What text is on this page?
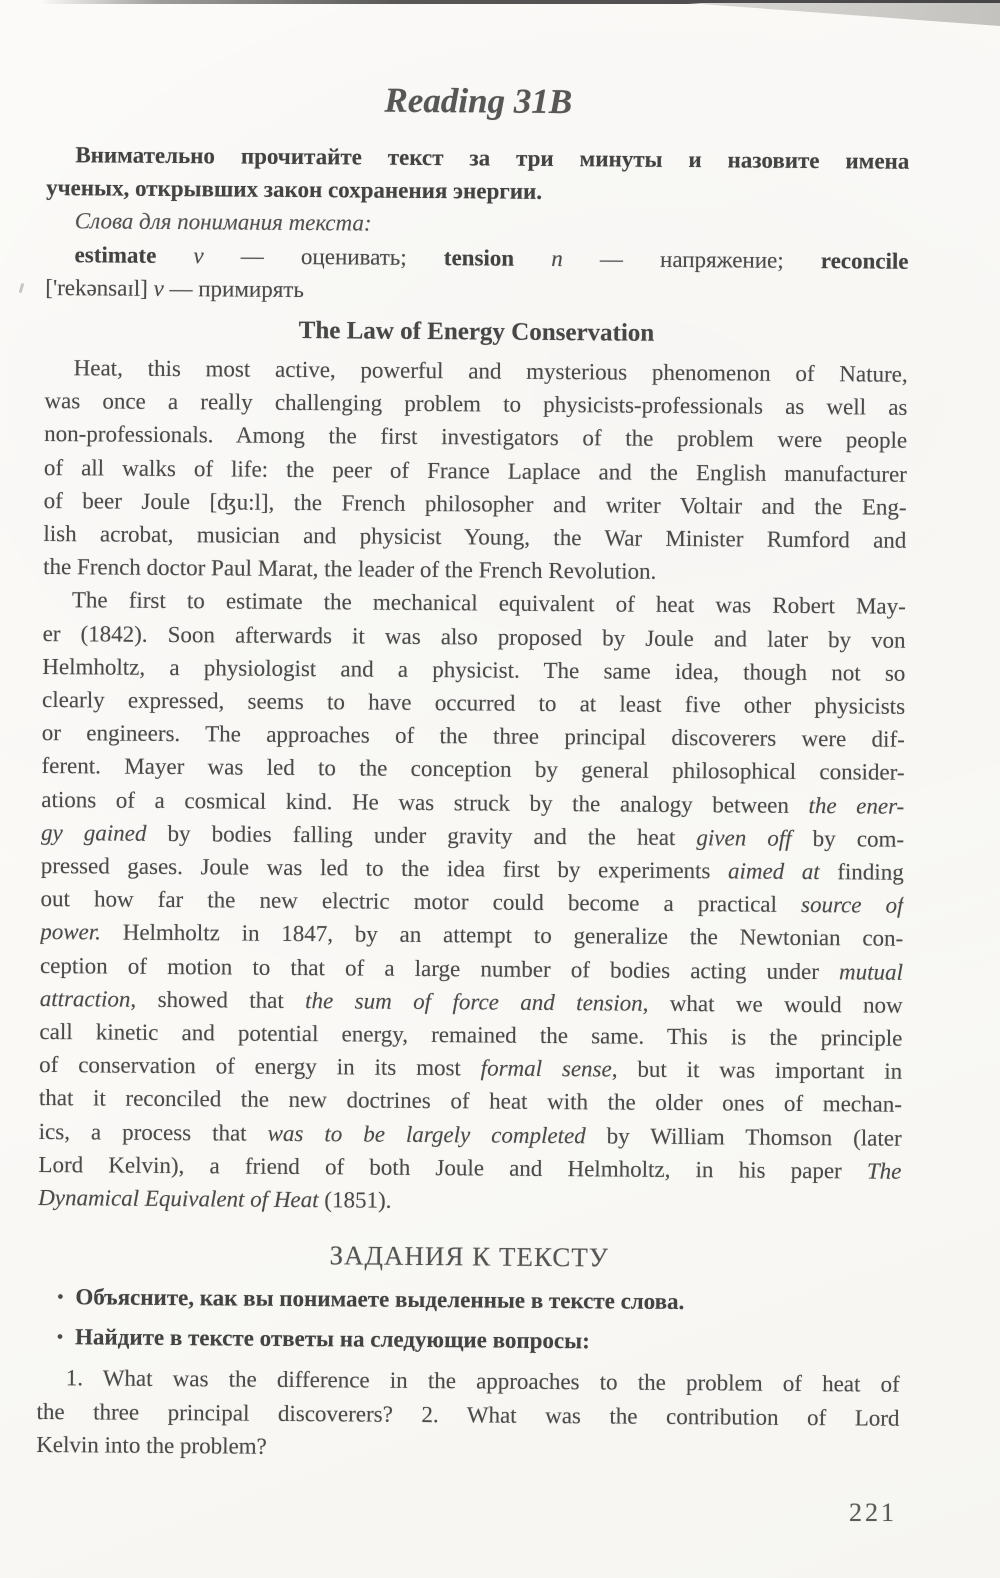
Reading 31B
Внимательно прочитайте текст за три минуты и назовите имена
ученых, открывших закон сохранения энергии.
Слова для понимания текста:
estimate v — оценивать; tension n — напряжение; reconcile
['rekənsaɪl] v — примирять
The Law of Energy Conservation
Heat, this most active, powerful and mysterious phenomenon of Nature,
was once a really challenging problem to physicists-professionals as well as
non-professionals. Among the first investigators of the problem were people
of all walks of life: the peer of France Laplace and the English manufacturer
of beer Joule [ʤu:l], the French philosopher and writer Voltair and the Eng-
lish acrobat, musician and physicist Young, the War Minister Rumford and
the French doctor Paul Marat, the leader of the French Revolution.
The first to estimate the mechanical equivalent of heat was Robert May-
er (1842). Soon afterwards it was also proposed by Joule and later by von
Helmholtz, a physiologist and a physicist. The same idea, though not so
clearly expressed, seems to have occurred to at least five other physicists
or engineers. The approaches of the three principal discoverers were dif-
ferent. Mayer was led to the conception by general philosophical consider-
ations of a cosmical kind. He was struck by the analogy between the ener-
gy gained by bodies falling under gravity and the heat given off by com-
pressed gases. Joule was led to the idea first by experiments aimed at finding
out how far the new electric motor could become a practical source of
power. Helmholtz in 1847, by an attempt to generalize the Newtonian con-
ception of motion to that of a large number of bodies acting under mutual
attraction, showed that the sum of force and tension, what we would now
call kinetic and potential energy, remained the same. This is the principle
of conservation of energy in its most formal sense, but it was important in
that it reconciled the new doctrines of heat with the older ones of mechan-
ics, a process that was to be largely completed by William Thomson (later
Lord Kelvin), a friend of both Joule and Helmholtz, in his paper The
Dynamical Equivalent of Heat (1851).
ЗАДАНИЯ К ТЕКСТУ
• Объясните, как вы понимаете выделенные в тексте слова.
• Найдите в тексте ответы на следующие вопросы:
1. What was the difference in the approaches to the problem of heat of
the three principal discoverers? 2. What was the contribution of Lord
Kelvin into the problem?
221
